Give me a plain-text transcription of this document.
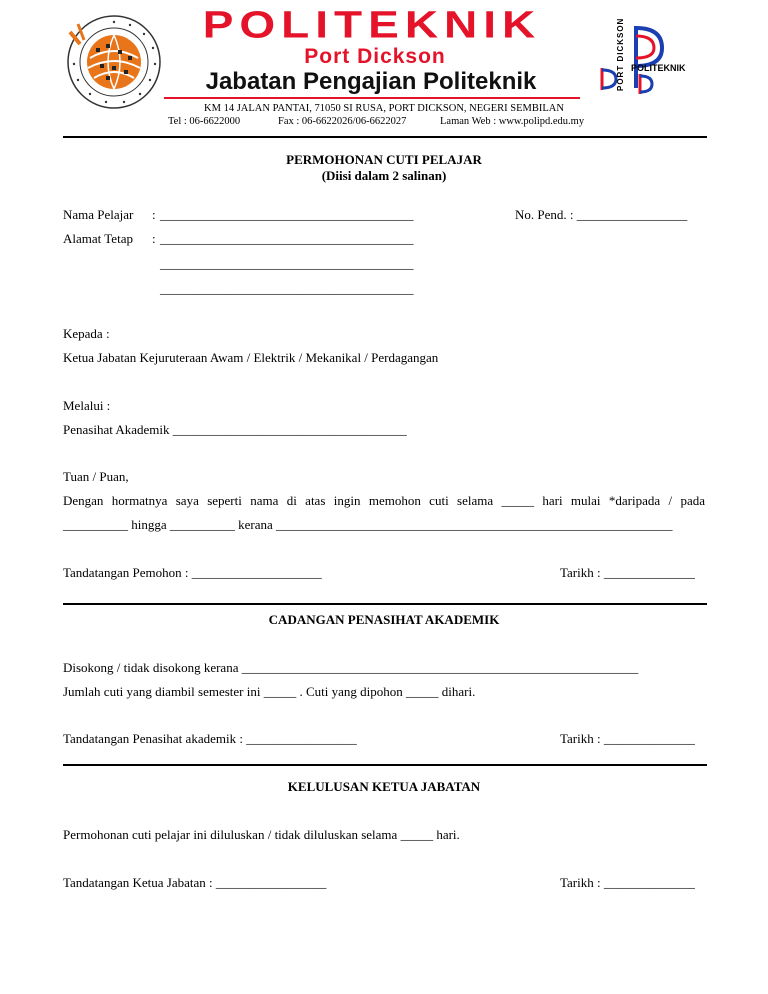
POLITEKNIK
Port Dickson
Jabatan Pengajian Politeknik	PORT DICKSON POLITEKNIK
KM 14 JALAN PANTAI, 71050 SI RUSA, PORT DICKSON, NEGERI SEMBILAN
Tel : 06-6622000	Fax : 06-6622026/06-6622027	Laman Web : www.polipd.edu.my
PERMOHONAN CUTI PELAJAR
(Diisi dalam 2 salinan)
Nama Pelajar : _______________________________________	No. Pend. : _________________
Alamat Tetap : _______________________________________
_______________________________________
_______________________________________
Kepada :
Ketua Jabatan Kejuruteraan Awam / Elektrik / Mekanikal / Perdagangan
Melalui :
Penasihat Akademik ____________________________________
Tuan / Puan,
Dengan hormatnya saya seperti nama di atas ingin memohon cuti selama _____ hari mulai *daripada / pada
__________ hingga __________ kerana _____________________________________________________________
Tandatangan Pemohon : ____________________	Tarikh : ______________
CADANGAN PENASIHAT AKADEMIK
Disokong / tidak disokong kerana _____________________________________________________________
Jumlah cuti yang diambil semester ini _____ . Cuti yang dipohon _____ dihari.
Tandatangan Penasihat akademik : _________________	Tarikh : ______________
KELULUSAN KETUA JABATAN
Permohonan cuti pelajar ini diluluskan / tidak diluluskan selama _____ hari.
Tandatangan Ketua Jabatan : _________________	Tarikh : ______________
